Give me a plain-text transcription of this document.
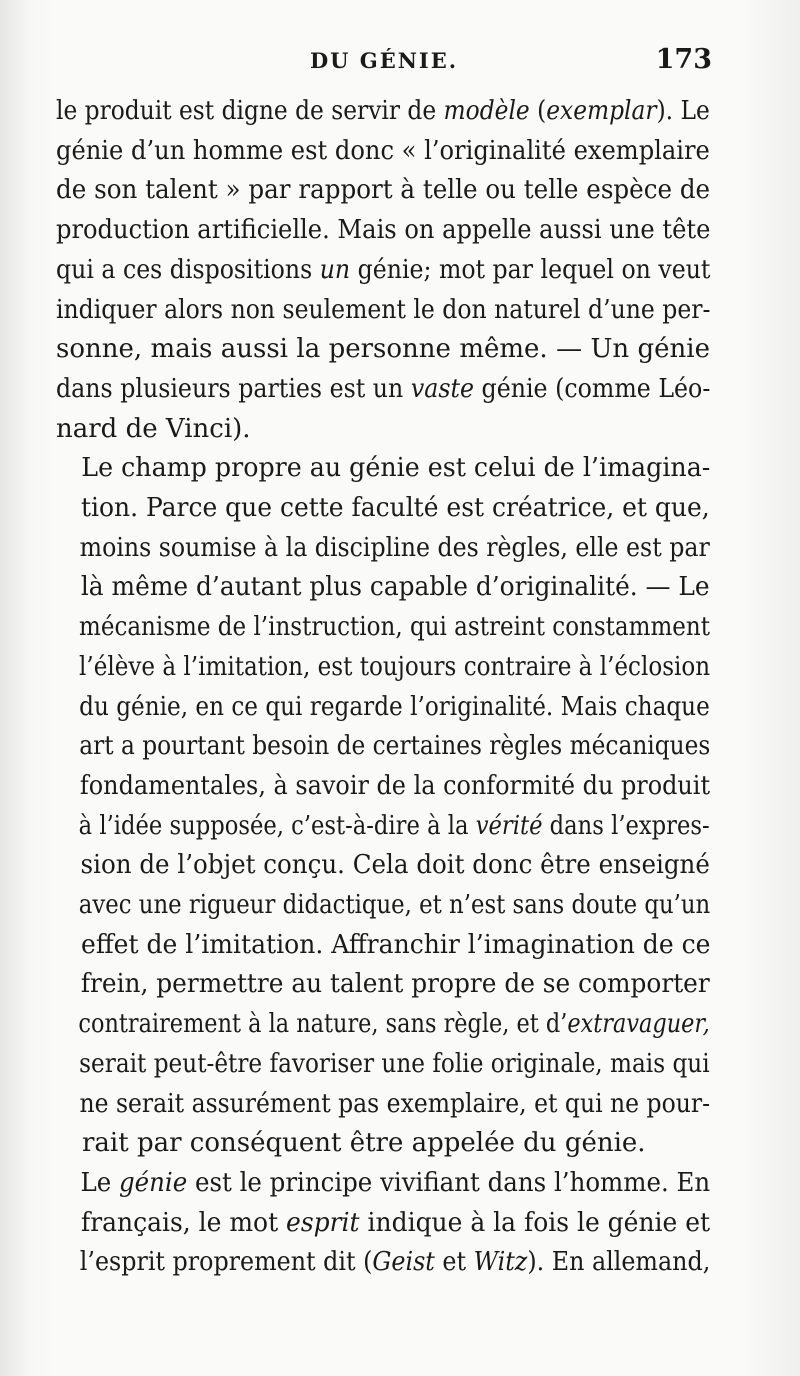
DU GÉNIE.	173

le produit est digne de servir de modèle (exemplar). Le
génie d’un homme est donc « l’originalité exemplaire
de son talent » par rapport à telle ou telle espèce de
production artificielle. Mais on appelle aussi une tête
qui a ces dispositions un génie; mot par lequel on veut
indiquer alors non seulement le don naturel d’une per-
sonne, mais aussi la personne même. — Un génie
dans plusieurs parties est un vaste génie (comme Léo-
nard de Vinci).

Le champ propre au génie est celui de l’imagina-
tion. Parce que cette faculté est créatrice, et que,
moins soumise à la discipline des règles, elle est par
là même d’autant plus capable d’originalité. — Le
mécanisme de l’instruction, qui astreint constamment
l’élève à l’imitation, est toujours contraire à l’éclosion
du génie, en ce qui regarde l’originalité. Mais chaque
art a pourtant besoin de certaines règles mécaniques
fondamentales, à savoir de la conformité du produit
à l’idée supposée, c’est-à-dire à la vérité dans l’expres-
sion de l’objet conçu. Cela doit donc être enseigné
avec une rigueur didactique, et n’est sans doute qu’un
effet de l’imitation. Affranchir l’imagination de ce
frein, permettre au talent propre de se comporter
contrairement à la nature, sans règle, et d’extravaguer,
serait peut-être favoriser une folie originale, mais qui
ne serait assurément pas exemplaire, et qui ne pour-
rait par conséquent être appelée du génie.

Le génie est le principe vivifiant dans l’homme. En
français, le mot esprit indique à la fois le génie et
l’esprit proprement dit (Geist et Witz). En allemand,
